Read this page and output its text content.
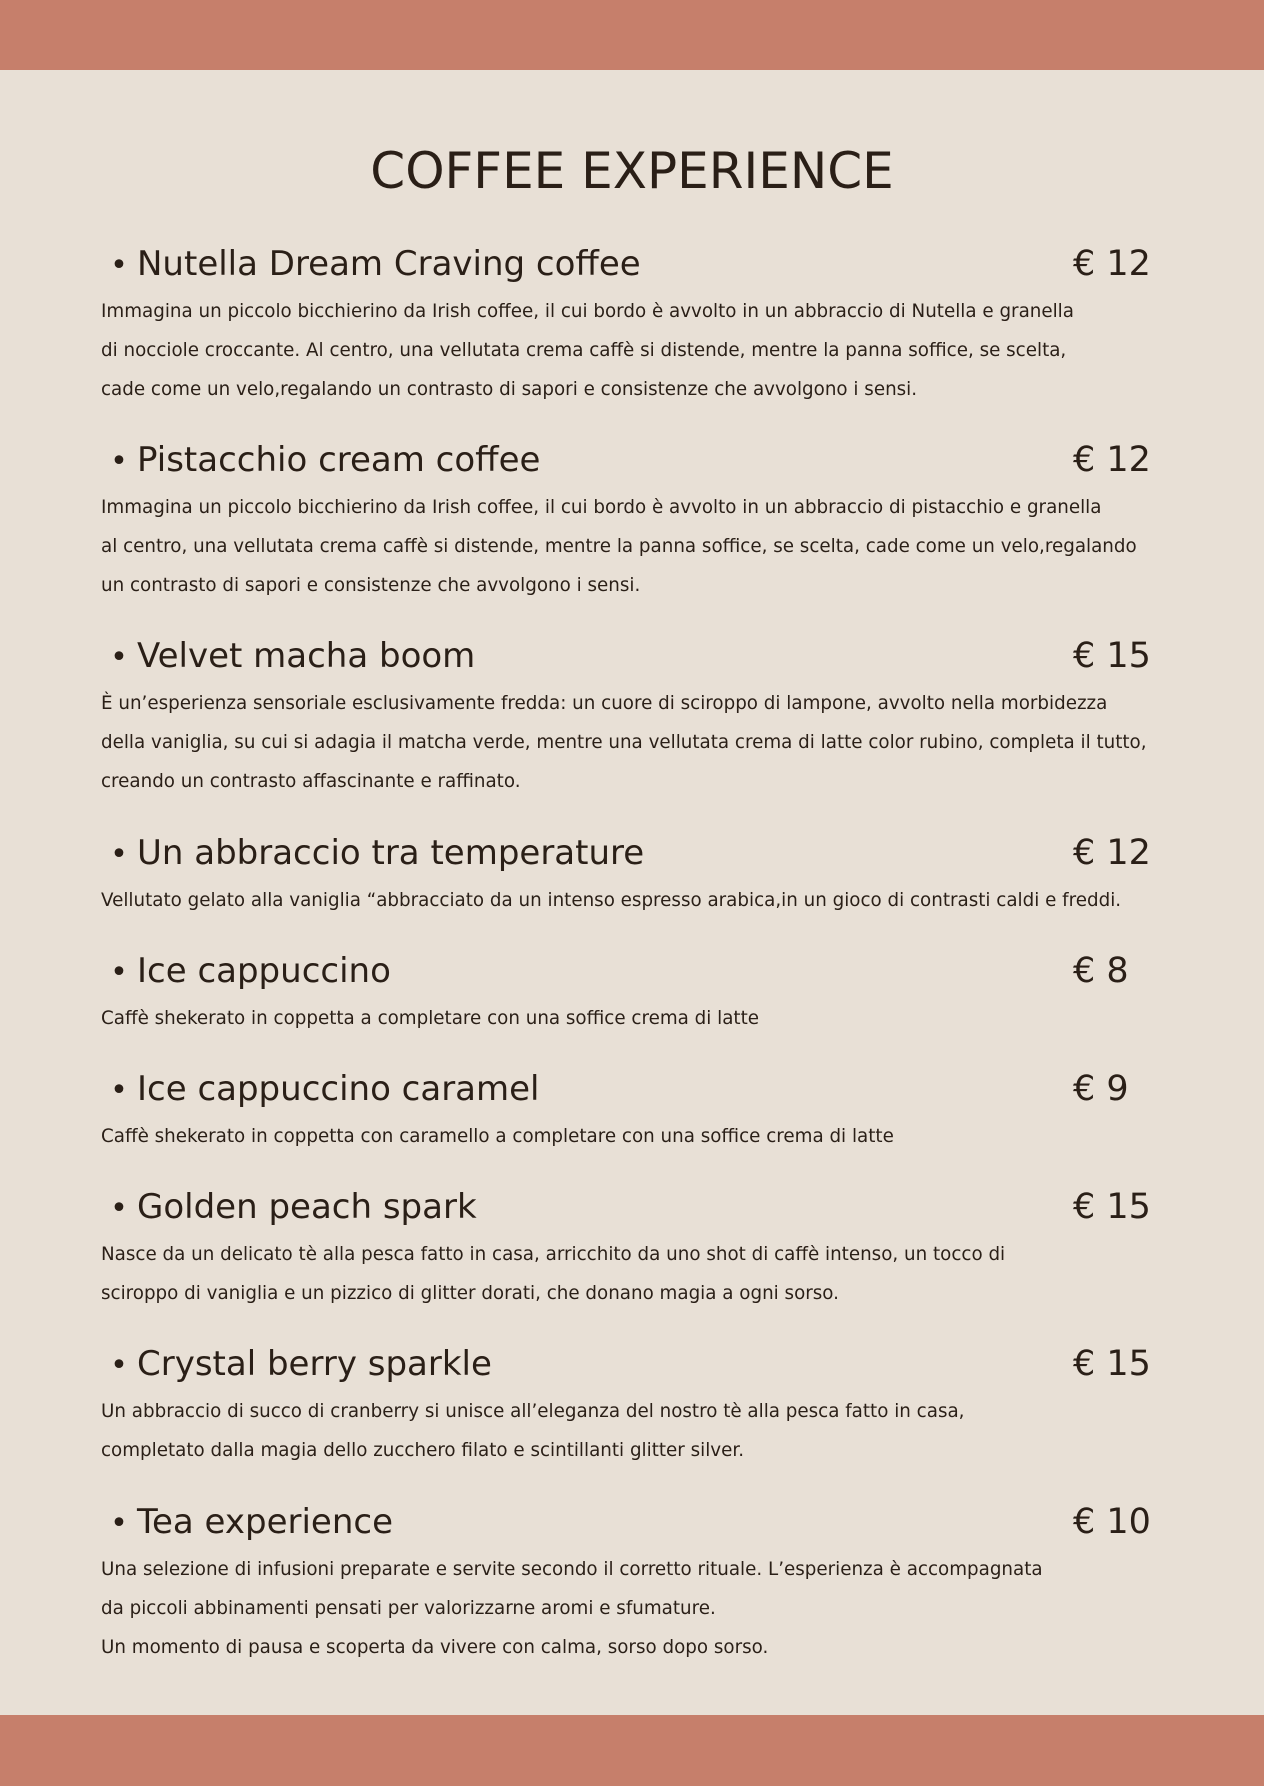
COFFEE EXPERIENCE
• Nutella Dream Craving coffee	€ 12
Immagina un piccolo bicchierino da Irish coffee, il cui bordo è avvolto in un abbraccio di Nutella e granella
di nocciole croccante. Al centro, una vellutata crema caffè si distende, mentre la panna soffice, se scelta,
cade come un velo,regalando un contrasto di sapori e consistenze che avvolgono i sensi.
• Pistacchio cream coffee	€ 12
Immagina un piccolo bicchierino da Irish coffee, il cui bordo è avvolto in un abbraccio di pistacchio e granella
al centro, una vellutata crema caffè si distende, mentre la panna soffice, se scelta, cade come un velo,regalando
un contrasto di sapori e consistenze che avvolgono i sensi.
• Velvet macha boom	€ 15
È un’esperienza sensoriale esclusivamente fredda: un cuore di sciroppo di lampone, avvolto nella morbidezza
della vaniglia, su cui si adagia il matcha verde, mentre una vellutata crema di latte color rubino, completa il tutto,
creando un contrasto affascinante e raffinato.
• Un abbraccio tra temperature	€ 12
Vellutato gelato alla vaniglia “abbracciato da un intenso espresso arabica,in un gioco di contrasti caldi e freddi.
• Ice cappuccino	€ 8
Caffè shekerato in coppetta a completare con una soffice crema di latte
• Ice cappuccino caramel	€ 9
Caffè shekerato in coppetta con caramello a completare con una soffice crema di latte
• Golden peach spark	€ 15
Nasce da un delicato tè alla pesca fatto in casa, arricchito da uno shot di caffè intenso, un tocco di
sciroppo di vaniglia e un pizzico di glitter dorati, che donano magia a ogni sorso.
• Crystal berry sparkle	€ 15
Un abbraccio di succo di cranberry si unisce all’eleganza del nostro tè alla pesca fatto in casa,
completato dalla magia dello zucchero filato e scintillanti glitter silver.
• Tea experience	€ 10
Una selezione di infusioni preparate e servite secondo il corretto rituale. L’esperienza è accompagnata
da piccoli abbinamenti pensati per valorizzarne aromi e sfumature.
Un momento di pausa e scoperta da vivere con calma, sorso dopo sorso.
